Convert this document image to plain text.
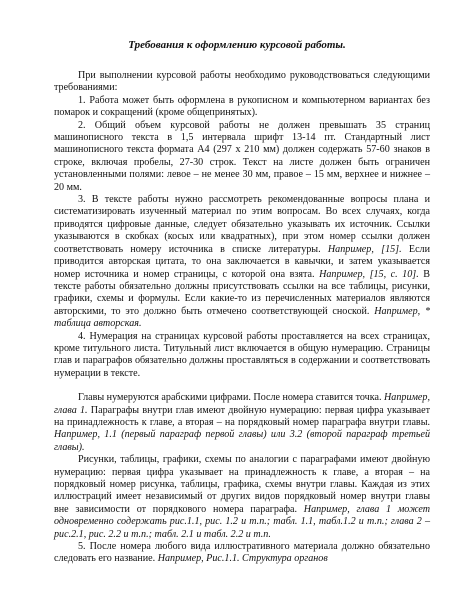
Требования к оформлению курсовой работы.

При выполнении курсовой работы необходимо руководствоваться следующими требованиями:

1. Работа может быть оформлена в рукописном и компьютерном вариантах без помарок и сокращений (кроме общепринятых).

2. Общий объем курсовой работы не должен превышать 35 страниц машинописного текста в 1,5 интервала шрифт 13-14 пт. Стандартный лист машинописного текста формата А4 (297 х 210 мм) должен содержать 57-60 знаков в строке, включая пробелы, 27-30 строк. Текст на листе должен быть ограничен установленными полями: левое – не менее 30 мм, правое – 15 мм, верхнее и нижнее – 20 мм.

3. В тексте работы нужно рассмотреть рекомендованные вопросы плана и систематизировать изученный материал по этим вопросам. Во всех случаях, когда приводятся цифровые данные, следует обязательно указывать их источник. Ссылки указываются в скобках (косых или квадратных), при этом номер ссылки должен соответствовать номеру источника в списке литературы. Например, [15]. Если приводится авторская цитата, то она заключается в кавычки, и затем указывается номер источника и номер страницы, с которой она взята. Например, [15, с. 10]. В тексте работы обязательно должны присутствовать ссылки на все таблицы, рисунки, графики, схемы и формулы. Если какие-то из перечисленных материалов являются авторскими, то это должно быть отмечено соответствующей сноской. Например, * таблица авторская.

4. Нумерация на страницах курсовой работы проставляется на всех страницах, кроме титульного листа. Титульный лист включается в общую нумерацию. Страницы глав и параграфов обязательно должны проставляться в содержании и соответствовать нумерации в тексте.

Главы нумеруются арабскими цифрами. После номера ставится точка. Например, глава 1. Параграфы внутри глав имеют двойную нумерацию: первая цифра указывает на принадлежность к главе, а вторая – на порядковый номер параграфа внутри главы. Например, 1.1 (первый параграф первой главы) или 3.2 (второй параграф третьей главы).

Рисунки, таблицы, графики, схемы по аналогии с параграфами имеют двойную нумерацию: первая цифра указывает на принадлежность к главе, а вторая – на порядковый номер рисунка, таблицы, графика, схемы внутри главы. Каждая из этих иллюстраций имеет независимый от других видов порядковый номер внутри главы вне зависимости от порядкового номера параграфа. Например, глава 1 может одновременно содержать рис.1.1, рис. 1.2 и т.п.; табл. 1.1, табл.1.2 и т.п.; глава 2 – рис.2.1, рис. 2.2 и т.п.; табл. 2.1 и табл. 2.2 и т.п.

5. После номера любого вида иллюстративного материала должно обязательно следовать его название. Например, Рис.1.1. Структура органов
